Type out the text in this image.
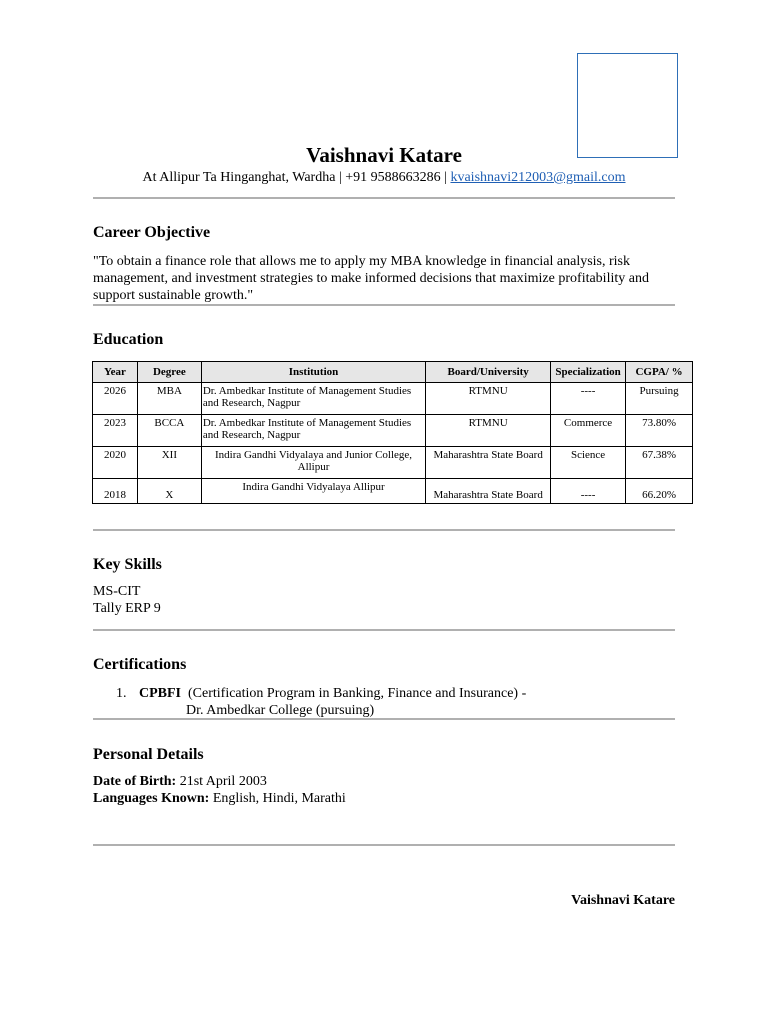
Vaishnavi Katare
At Allipur Ta Hinganghat, Wardha | +91 9588663286 | kvaishnavi212003@gmail.com
Career Objective
"To obtain a finance role that allows me to apply my MBA knowledge in financial analysis, risk management, and investment strategies to make informed decisions that maximize profitability and support sustainable growth."
Education
Year	Degree	Institution	Board/University	Specialization	CGPA/ %
2026	MBA	Dr. Ambedkar Institute of Management Studies and Research, Nagpur	RTMNU	----	Pursuing
2023	BCCA	Dr. Ambedkar Institute of Management Studies and Research, Nagpur	RTMNU	Commerce	73.80%
2020	XII	Indira Gandhi Vidyalaya and Junior College, Allipur	Maharashtra State Board	Science	67.38%
2018	X	Indira Gandhi Vidyalaya Allipur	Maharashtra State Board	----	66.20%
Key Skills
MS-CIT
Tally ERP 9
Certifications
1. CPBFI (Certification Program in Banking, Finance and Insurance) -
Dr. Ambedkar College (pursuing)
Personal Details
Date of Birth: 21st April 2003
Languages Known: English, Hindi, Marathi
Vaishnavi Katare
